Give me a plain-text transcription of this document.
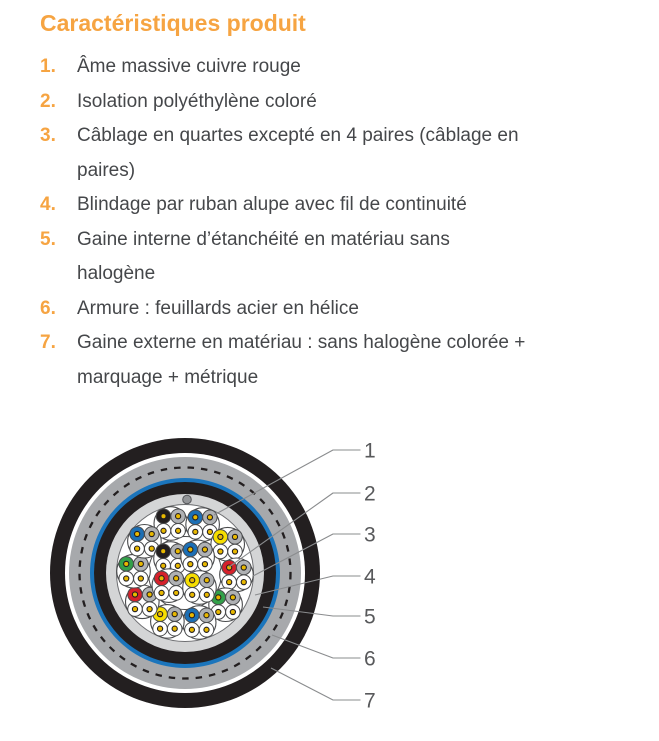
Caractéristiques produit
1.	Âme massive cuivre rouge
2.	Isolation polyéthylène coloré
3.	Câblage en quartes excepté en 4 paires (câblage en
paires)
4.	Blindage par ruban alupe avec fil de continuité
5.	Gaine interne d’étanchéité en matériau sans
halogène
6.	Armure : feuillards acier en hélice
7.	Gaine externe en matériau : sans halogène colorée +
marquage + métrique
1
2
3
4
5
6
7
